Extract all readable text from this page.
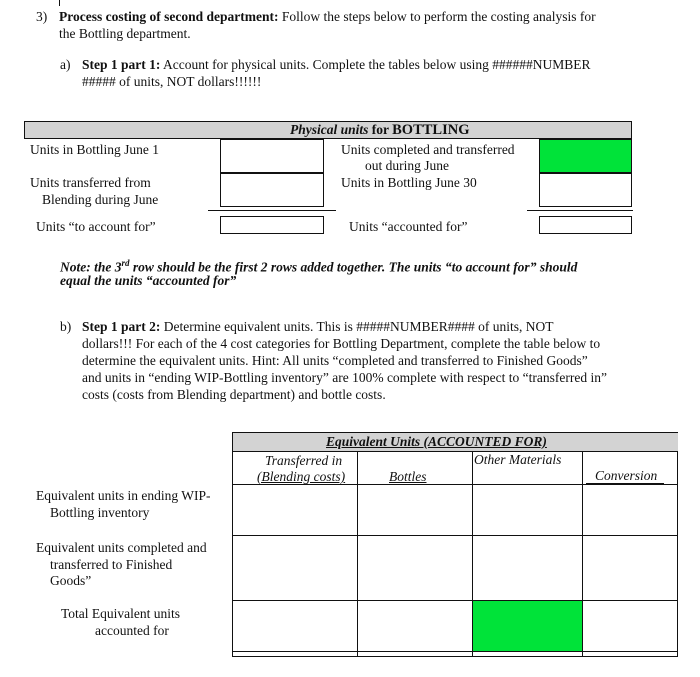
3) Process costing of second department: Follow the steps below to perform the costing analysis for
the Bottling department.
a) Step 1 part 1: Account for physical units. Complete the tables below using ######NUMBER
##### of units, NOT dollars!!!!!!
Physical units for BOTTLING
Units in Bottling June 1
Units transferred from
Blending during June
Units “to account for”
Units completed and transferred
out during June
Units in Bottling June 30
Units “accounted for”
Note: the 3rd row should be the first 2 rows added together. The units “to account for” should
equal the units “accounted for”
b) Step 1 part 2: Determine equivalent units. This is #####NUMBER#### of units, NOT
dollars!!! For each of the 4 cost categories for Bottling Department, complete the table below to
determine the equivalent units. Hint: All units “completed and transferred to Finished Goods”
and units in “ending WIP-Bottling inventory” are 100% complete with respect to “transferred in”
costs (costs from Blending department) and bottle costs.
Equivalent Units (ACCOUNTED FOR)
Transferred in
(Blending costs)	Bottles
Other Materials
Conversion
Equivalent units in ending WIP-
Bottling inventory
Equivalent units completed and
transferred to Finished
Goods”
Total Equivalent units
accounted for
